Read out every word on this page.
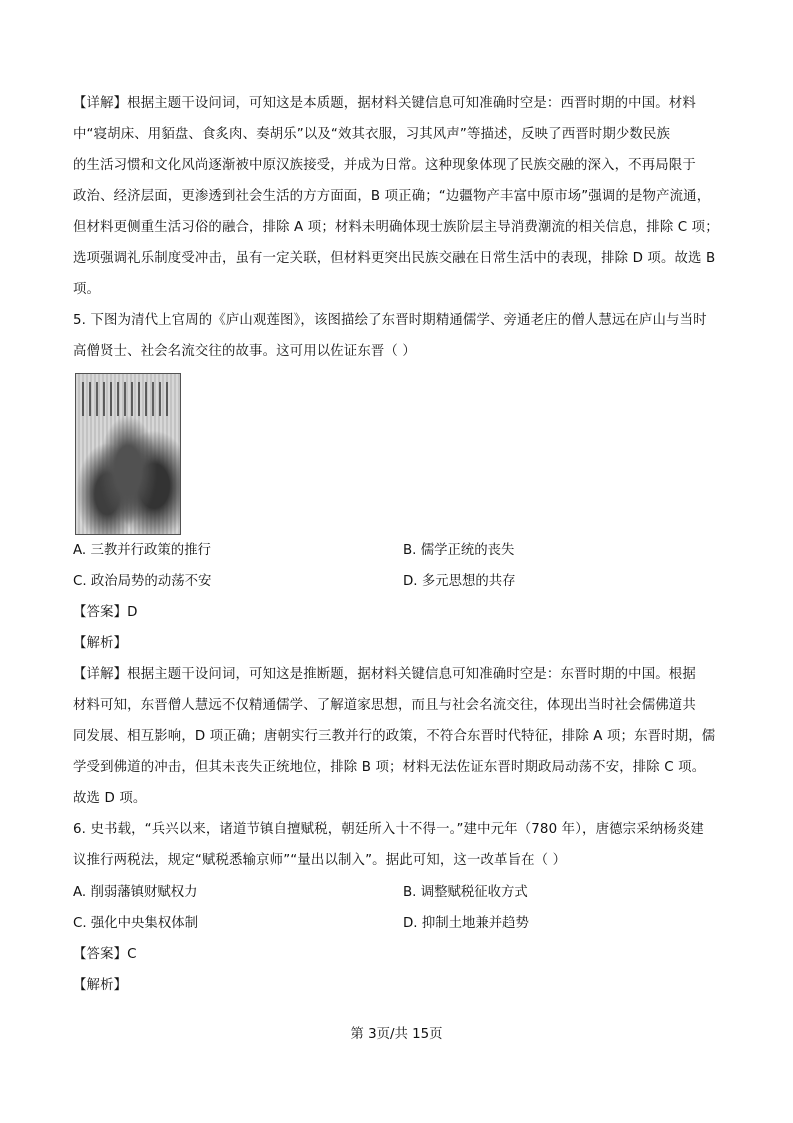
【详解】根据主题干设问词，可知这是本质题，据材料关键信息可知准确时空是：西晋时期的中国。材料
中“寝胡床、用貊盘、食炙肉、奏胡乐”以及“效其衣服，习其风声”等描述，反映了西晋时期少数民族
的生活习惯和文化风尚逐渐被中原汉族接受，并成为日常。这种现象体现了民族交融的深入，不再局限于
政治、经济层面，更渗透到社会生活的方方面面，B 项正确；“边疆物产丰富中原市场”强调的是物产流通，
但材料更侧重生活习俗的融合，排除 A 项；材料未明确体现士族阶层主导消费潮流的相关信息，排除 C 项；
选项强调礼乐制度受冲击，虽有一定关联，但材料更突出民族交融在日常生活中的表现，排除 D 项。故选 B
项。
5. 下图为清代上官周的《庐山观莲图》，该图描绘了东晋时期精通儒学、旁通老庄的僧人慧远在庐山与当时
高僧贤士、社会名流交往的故事。这可用以佐证东晋（ ）
A. 三教并行政策的推行	B. 儒学正统的丧失
C. 政治局势的动荡不安	D. 多元思想的共存
【答案】D
【解析】
【详解】根据主题干设问词，可知这是推断题，据材料关键信息可知准确时空是：东晋时期的中国。根据
材料可知，东晋僧人慧远不仅精通儒学、了解道家思想，而且与社会名流交往，体现出当时社会儒佛道共
同发展、相互影响，D 项正确；唐朝实行三教并行的政策，不符合东晋时代特征，排除 A 项；东晋时期，儒
学受到佛道的冲击，但其未丧失正统地位，排除 B 项；材料无法佐证东晋时期政局动荡不安，排除 C 项。
故选 D 项。
6. 史书载，“兵兴以来，诸道节镇自擅赋税，朝廷所入十不得一。”建中元年（780 年），唐德宗采纳杨炎建
议推行两税法，规定“赋税悉输京师”“量出以制入”。据此可知，这一改革旨在（ ）
A. 削弱藩镇财赋权力	B. 调整赋税征收方式
C. 强化中央集权体制	D. 抑制土地兼并趋势
【答案】C
【解析】
第 3页/共 15页
